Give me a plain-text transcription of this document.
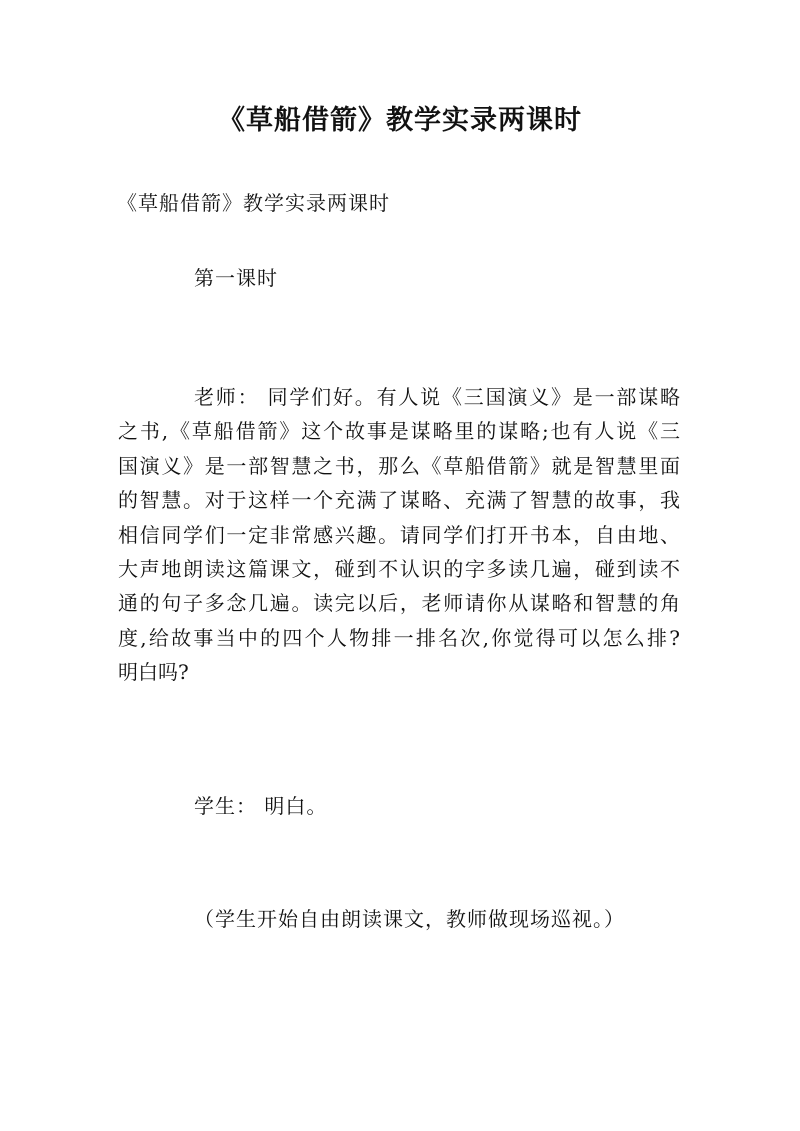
《草船借箭》教学实录两课时

《草船借箭》教学实录两课时

第一课时

老师： 同学们好。有人说《三国演义》是一部谋略
之书,《草船借箭》这个故事是谋略里的谋略;也有人说《三
国演义》是一部智慧之书，那么《草船借箭》就是智慧里面
的智慧。对于这样一个充满了谋略、充满了智慧的故事，我
相信同学们一定非常感兴趣。请同学们打开书本，自由地、
大声地朗读这篇课文，碰到不认识的字多读几遍，碰到读不
通的句子多念几遍。读完以后，老师请你从谋略和智慧的角
度,给故事当中的四个人物排一排名次,你觉得可以怎么排?
明白吗?

学生： 明白。

（学生开始自由朗读课文，教师做现场巡视。）
